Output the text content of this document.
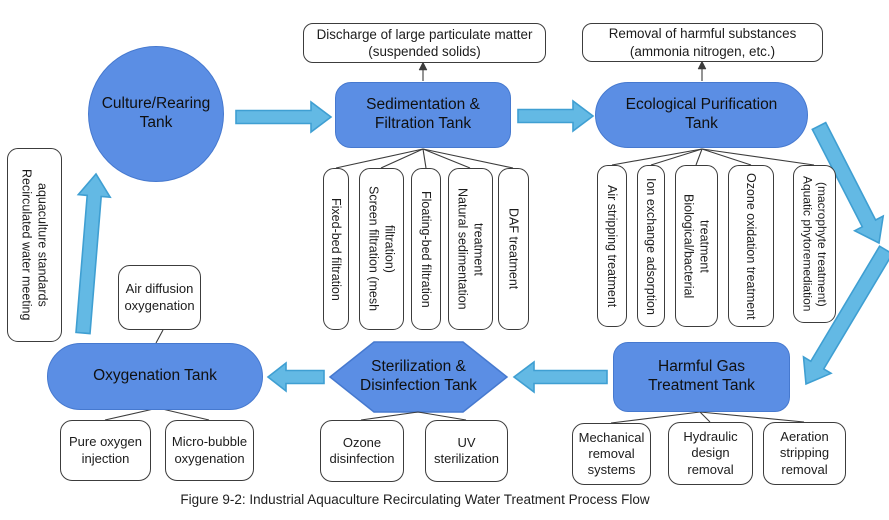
Discharge of large particulate matter (suspended solids)
Removal of harmful substances (ammonia nitrogen, etc.)
Culture/Rearing Tank
Sedimentation & Filtration Tank
Ecological Purification Tank
Oxygenation Tank
Harmful Gas Treatment Tank
Sterilization & Disinfection Tank
Recirculated water meeting aquaculture standards	Air diffusion oxygenation
Fixed-bed filtration Screen filtration (mesh filtration) Floating-bed filtration Natural sedimentation treatment DAF treatment	Air stripping treatment Ion exchange adsorption Biological/bacterial treatment	Ozone oxidation treatment	Aquatic phytoremediation (macrophyte treatment)
Pure oxygen injection
Micro-bubble oxygenation
Ozone disinfection
UV sterilization
Mechanical removal systems
Hydraulic design removal
Aeration stripping removal
Figure 9-2: Industrial Aquaculture Recirculating Water Treatment Process Flow
